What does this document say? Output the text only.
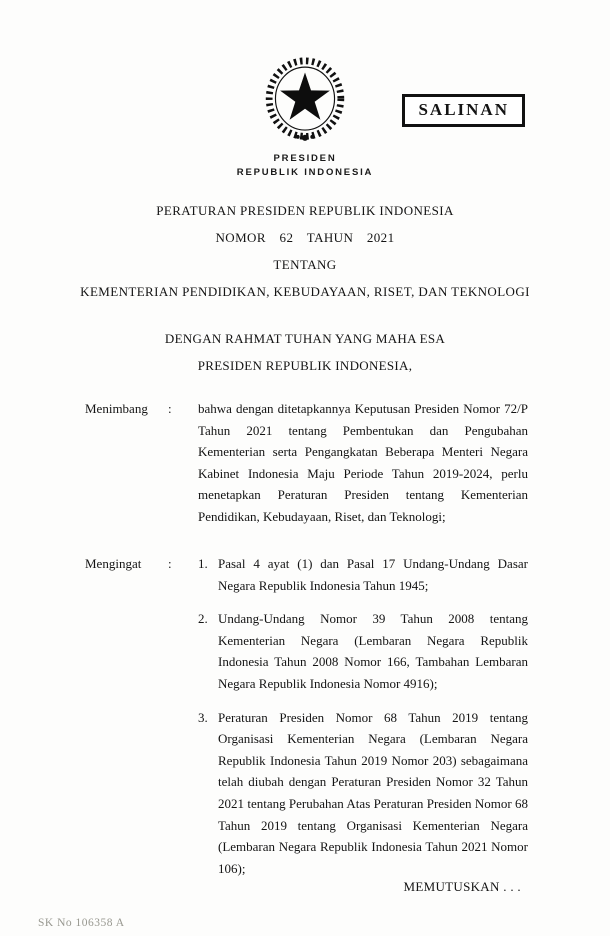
SALINAN
PRESIDEN
REPUBLIK INDONESIA
PERATURAN PRESIDEN REPUBLIK INDONESIA
NOMOR 62 TAHUN 2021
TENTANG
KEMENTERIAN PENDIDIKAN, KEBUDAYAAN, RISET, DAN TEKNOLOGI
DENGAN RAHMAT TUHAN YANG MAHA ESA
PRESIDEN REPUBLIK INDONESIA,
Menimbang	:	bahwa dengan ditetapkannya Keputusan Presiden Nomor 72/P Tahun 2021 tentang Pembentukan dan Pengubahan Kementerian serta Pengangkatan Beberapa Menteri Negara Kabinet Indonesia Maju Periode Tahun 2019-2024, perlu menetapkan Peraturan Presiden tentang Kementerian Pendidikan, Kebudayaan, Riset, dan Teknologi;
Mengingat	:	1. Pasal 4 ayat (1) dan Pasal 17 Undang-Undang Dasar Negara Republik Indonesia Tahun 1945;
2. Undang-Undang Nomor 39 Tahun 2008 tentang Kementerian Negara (Lembaran Negara Republik Indonesia Tahun 2008 Nomor 166, Tambahan Lembaran Negara Republik Indonesia Nomor 4916);
3. Peraturan Presiden Nomor 68 Tahun 2019 tentang Organisasi Kementerian Negara (Lembaran Negara Republik Indonesia Tahun 2019 Nomor 203) sebagaimana telah diubah dengan Peraturan Presiden Nomor 32 Tahun 2021 tentang Perubahan Atas Peraturan Presiden Nomor 68 Tahun 2019 tentang Organisasi Kementerian Negara (Lembaran Negara Republik Indonesia Tahun 2021 Nomor 106);
MEMUTUSKAN . . .
SK No 106358 A
